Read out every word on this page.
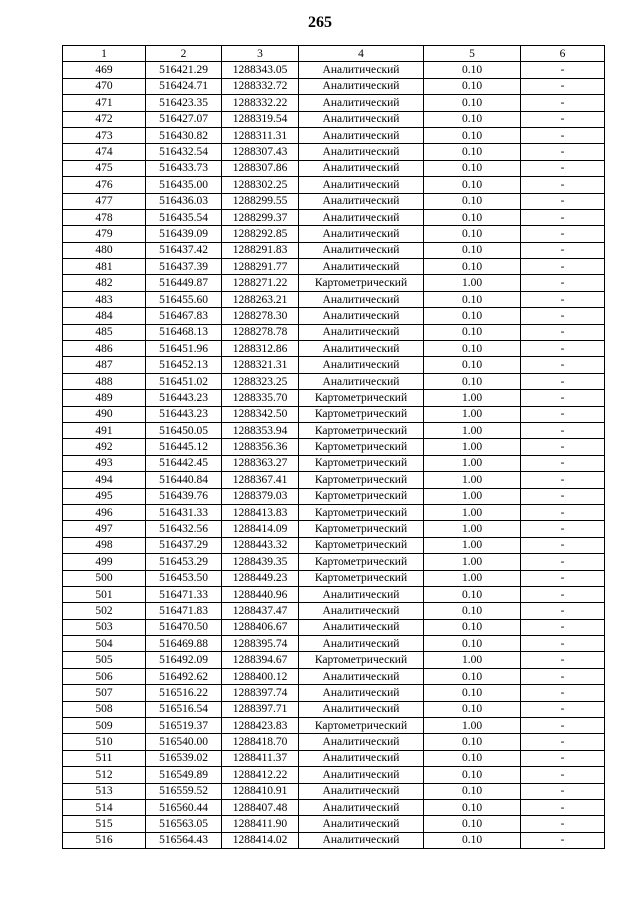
265
1	2	3	4	5	6
469	516421.29	1288343.05	Аналитический	0.10	-
470	516424.71	1288332.72	Аналитический	0.10	-
471	516423.35	1288332.22	Аналитический	0.10	-
472	516427.07	1288319.54	Аналитический	0.10	-
473	516430.82	1288311.31	Аналитический	0.10	-
474	516432.54	1288307.43	Аналитический	0.10	-
475	516433.73	1288307.86	Аналитический	0.10	-
476	516435.00	1288302.25	Аналитический	0.10	-
477	516436.03	1288299.55	Аналитический	0.10	-
478	516435.54	1288299.37	Аналитический	0.10	-
479	516439.09	1288292.85	Аналитический	0.10	-
480	516437.42	1288291.83	Аналитический	0.10	-
481	516437.39	1288291.77	Аналитический	0.10	-
482	516449.87	1288271.22	Картометрический	1.00	-
483	516455.60	1288263.21	Аналитический	0.10	-
484	516467.83	1288278.30	Аналитический	0.10	-
485	516468.13	1288278.78	Аналитический	0.10	-
486	516451.96	1288312.86	Аналитический	0.10	-
487	516452.13	1288321.31	Аналитический	0.10	-
488	516451.02	1288323.25	Аналитический	0.10	-
489	516443.23	1288335.70	Картометрический	1.00	-
490	516443.23	1288342.50	Картометрический	1.00	-
491	516450.05	1288353.94	Картометрический	1.00	-
492	516445.12	1288356.36	Картометрический	1.00	-
493	516442.45	1288363.27	Картометрический	1.00	-
494	516440.84	1288367.41	Картометрический	1.00	-
495	516439.76	1288379.03	Картометрический	1.00	-
496	516431.33	1288413.83	Картометрический	1.00	-
497	516432.56	1288414.09	Картометрический	1.00	-
498	516437.29	1288443.32	Картометрический	1.00	-
499	516453.29	1288439.35	Картометрический	1.00	-
500	516453.50	1288449.23	Картометрический	1.00	-
501	516471.33	1288440.96	Аналитический	0.10	-
502	516471.83	1288437.47	Аналитический	0.10	-
503	516470.50	1288406.67	Аналитический	0.10	-
504	516469.88	1288395.74	Аналитический	0.10	-
505	516492.09	1288394.67	Картометрический	1.00	-
506	516492.62	1288400.12	Аналитический	0.10	-
507	516516.22	1288397.74	Аналитический	0.10	-
508	516516.54	1288397.71	Аналитический	0.10	-
509	516519.37	1288423.83	Картометрический	1.00	-
510	516540.00	1288418.70	Аналитический	0.10	-
511	516539.02	1288411.37	Аналитический	0.10	-
512	516549.89	1288412.22	Аналитический	0.10	-
513	516559.52	1288410.91	Аналитический	0.10	-
514	516560.44	1288407.48	Аналитический	0.10	-
515	516563.05	1288411.90	Аналитический	0.10	-
516	516564.43	1288414.02	Аналитический	0.10	-
